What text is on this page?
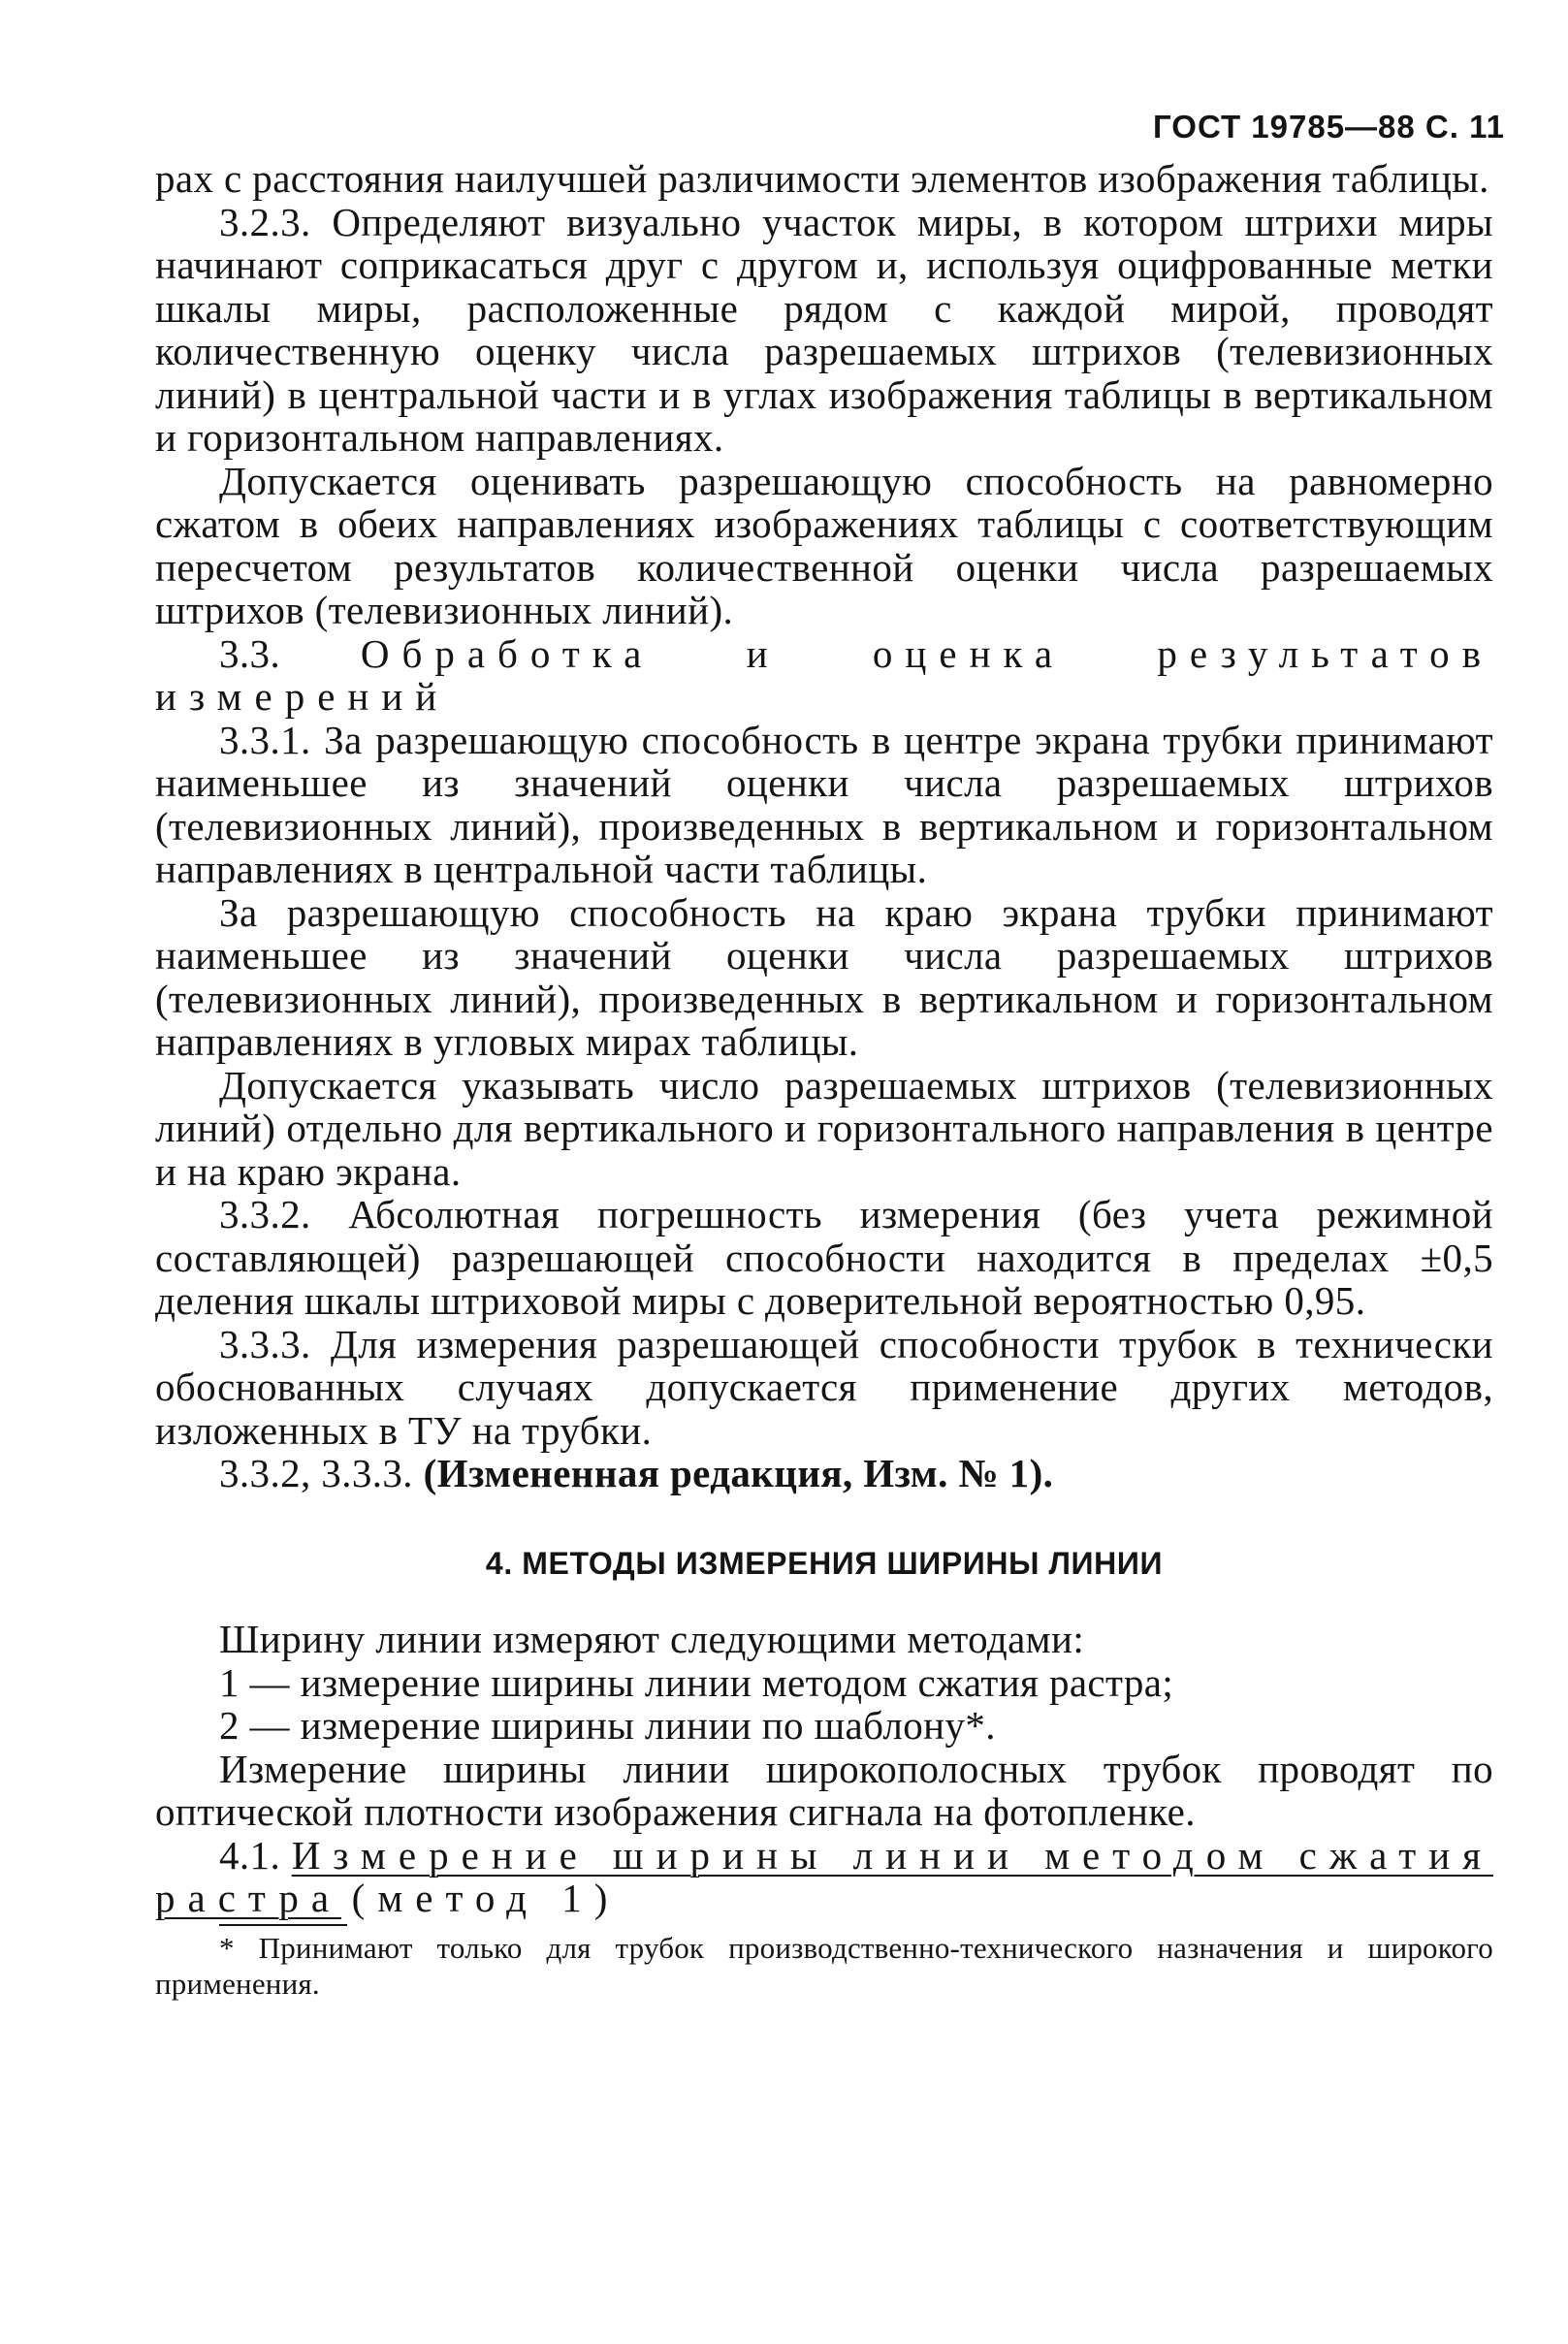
ГОСТ 19785—88 С. 11

рах с расстояния наилучшей различимости элементов изображения таблицы.

3.2.3. Определяют визуально участок миры, в котором штрихи миры начинают соприкасаться друг с другом и, используя оцифрованные метки шкалы миры, расположенные рядом с каждой мирой, проводят количественную оценку числа разрешаемых штрихов (телевизионных линий) в центральной части и в углах изображения таблицы в вертикальном и горизонтальном направлениях.

Допускается оценивать разрешающую способность на равномерно сжатом в обеих направлениях изображениях таблицы с соответствующим пересчетом результатов количественной оценки числа разрешаемых штрихов (телевизионных линий).

3.3. Обработка и оценка результатов измерений

3.3.1. За разрешающую способность в центре экрана трубки принимают наименьшее из значений оценки числа разрешаемых штрихов (телевизионных линий), произведенных в вертикальном и горизонтальном направлениях в центральной части таблицы.

За разрешающую способность на краю экрана трубки принимают наименьшее из значений оценки числа разрешаемых штрихов (телевизионных линий), произведенных в вертикальном и горизонтальном направлениях в угловых мирах таблицы.

Допускается указывать число разрешаемых штрихов (телевизионных линий) отдельно для вертикального и горизонтального направления в центре и на краю экрана.

3.3.2. Абсолютная погрешность измерения (без учета режимной составляющей) разрешающей способности находится в пределах ±0,5 деления шкалы штриховой миры с доверительной вероятностью 0,95.

3.3.3. Для измерения разрешающей способности трубок в технически обоснованных случаях допускается применение других методов, изложенных в ТУ на трубки.

3.3.2, 3.3.3. (Измененная редакция, Изм. № 1).

4. МЕТОДЫ ИЗМЕРЕНИЯ ШИРИНЫ ЛИНИИ

Ширину линии измеряют следующими методами:

1 — измерение ширины линии методом сжатия растра;

2 — измерение ширины линии по шаблону*.

Измерение ширины линии широкополосных трубок проводят по оптической плотности изображения сигнала на фотопленке.

4.1. Измерение ширины линии методом сжатия растра (метод 1)

* Принимают только для трубок производственно-технического назначения и широкого применения.
